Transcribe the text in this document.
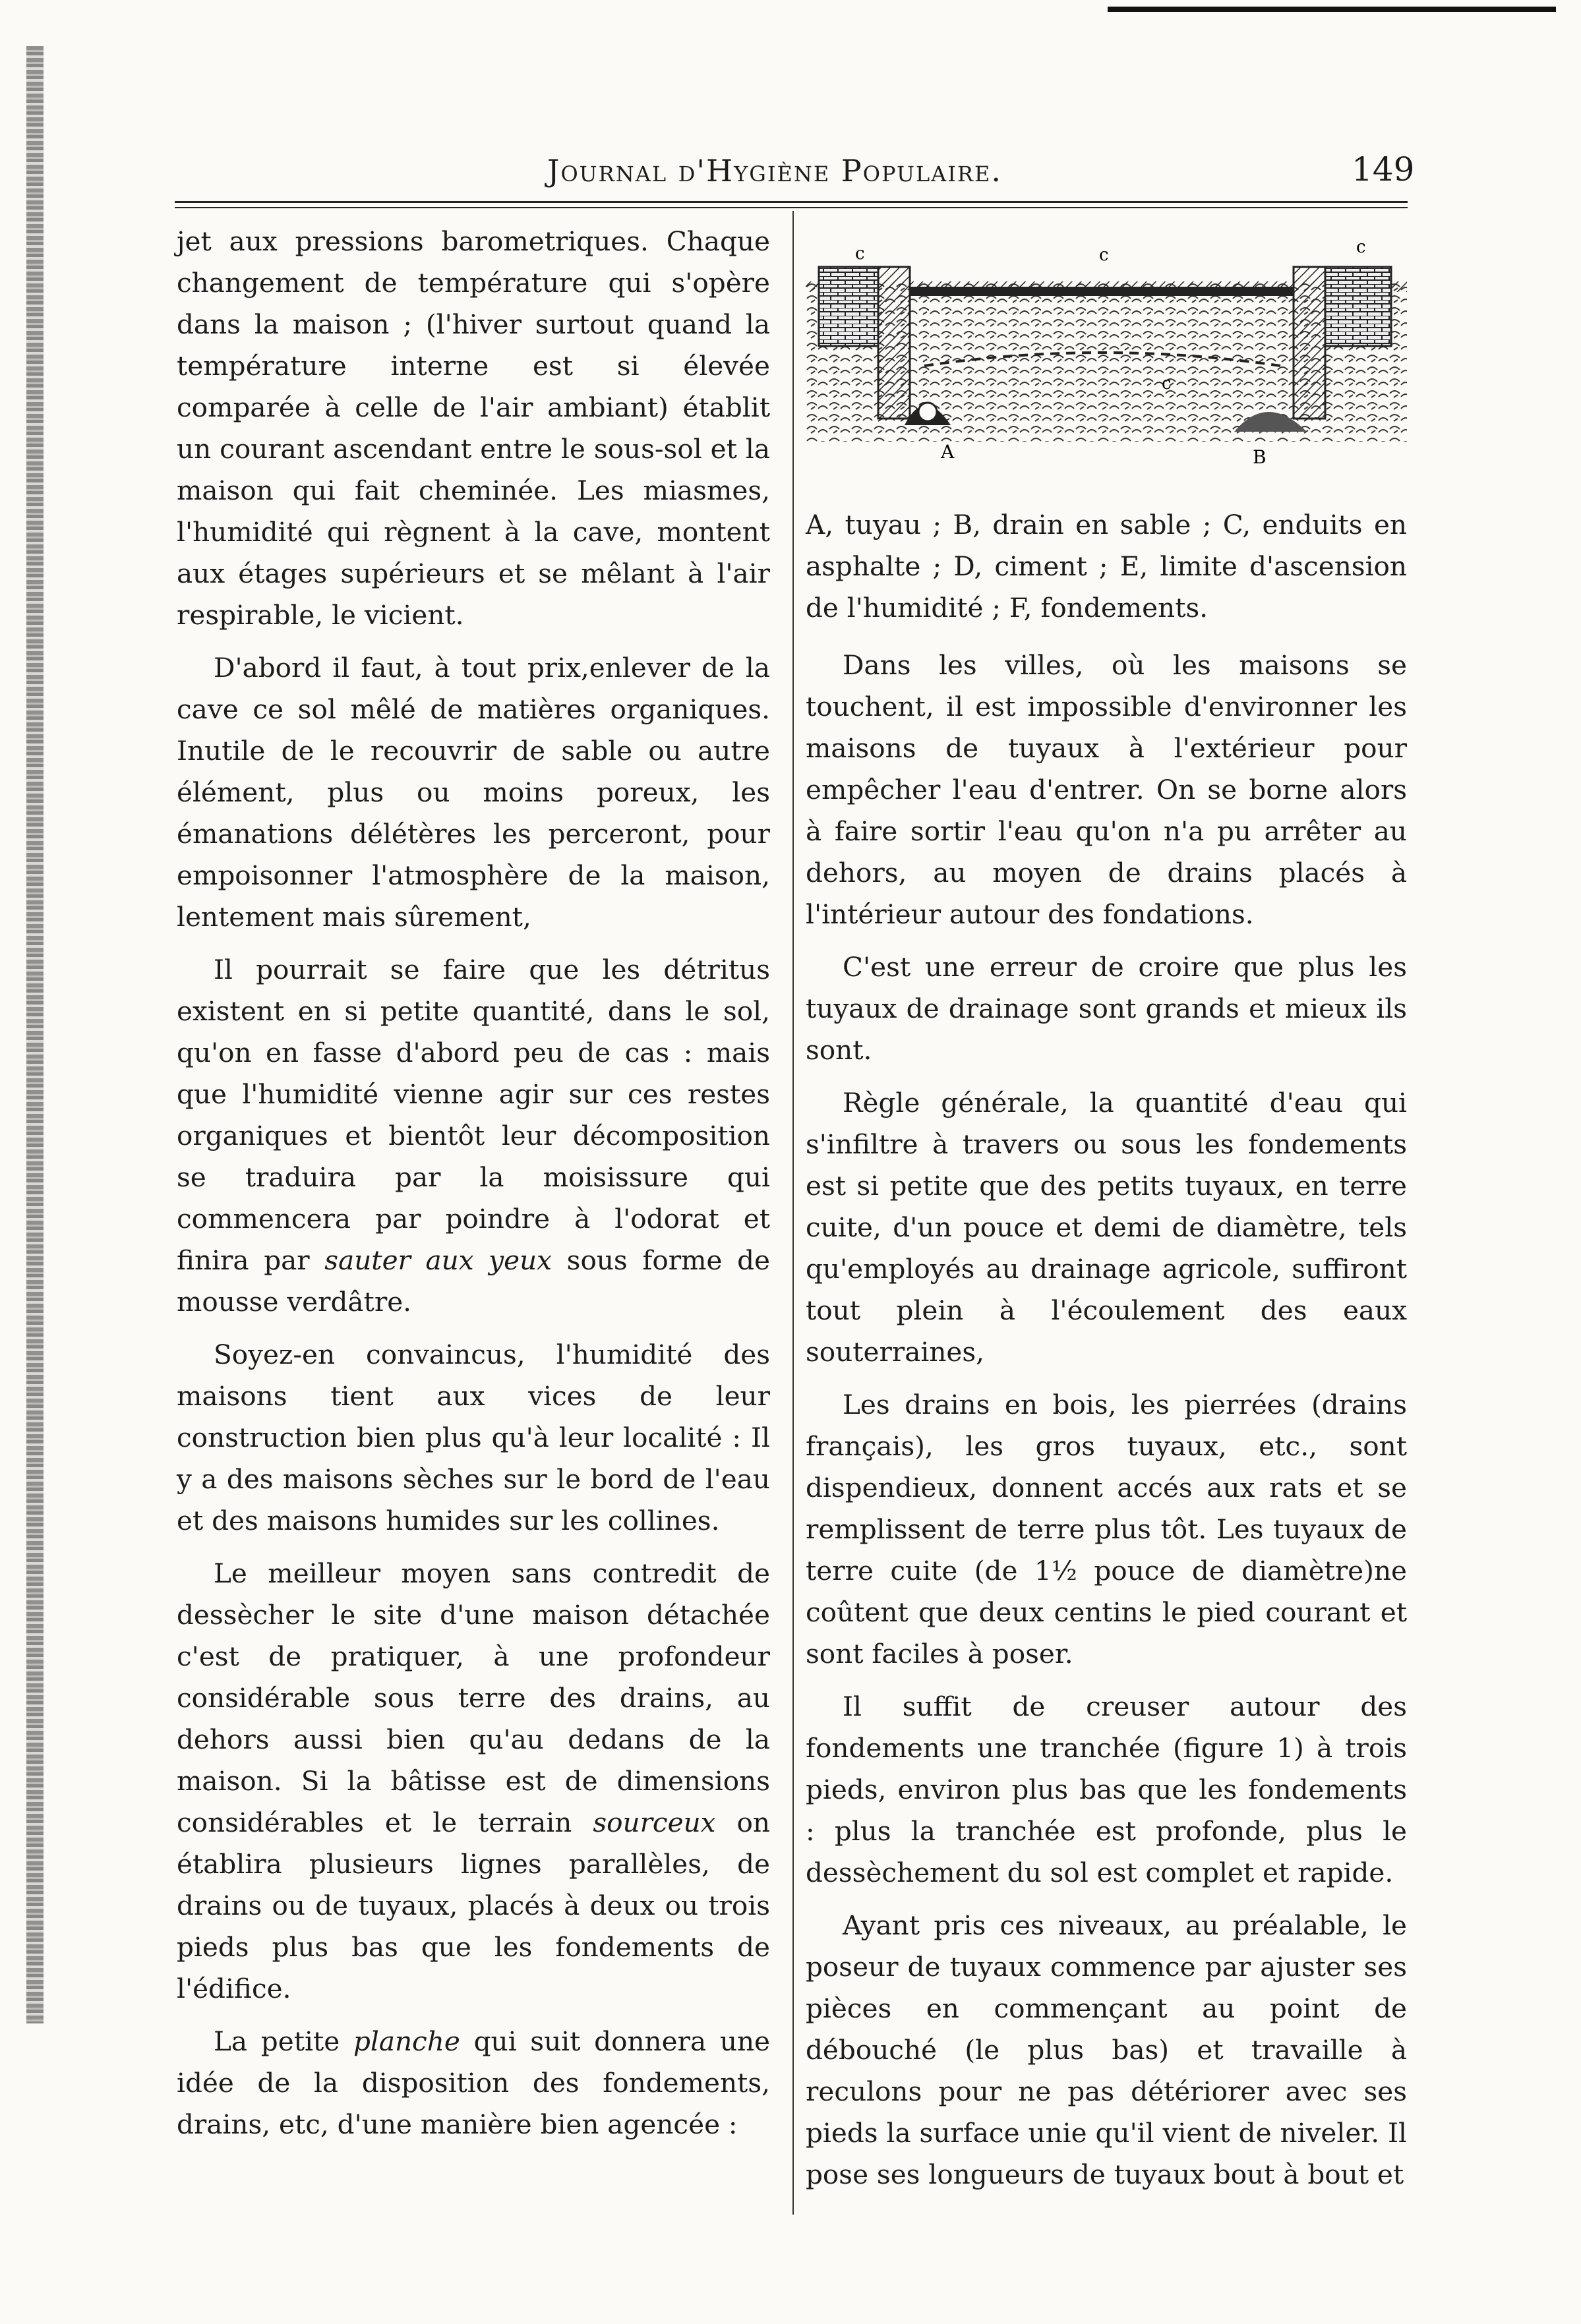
Journal d'Hygiène Populaire.	149

jet aux pressions barometriques. Chaque changement de température qui s'opère dans la maison ; (l'hiver surtout quand la température interne est si élevée comparée à celle de l'air ambiant) établit un courant ascendant entre le sous-sol et la maison qui fait cheminée. Les miasmes, l'humidité qui règnent à la cave, montent aux étages supérieurs et se mêlant à l'air respirable, le vicient.

D'abord il faut, à tout prix,enlever de la cave ce sol mêlé de matières organiques. Inutile de le recouvrir de sable ou autre élément, plus ou moins poreux, les émanations délétères les perceront, pour empoisonner l'atmosphère de la maison, lentement mais sûrement,

Il pourrait se faire que les détritus existent en si petite quantité, dans le sol, qu'on en fasse d'abord peu de cas : mais que l'humidité vienne agir sur ces restes organiques et bientôt leur décomposition se traduira par la moisissure qui commencera par poindre à l'odorat et finira par sauter aux yeux sous forme de mousse verdâtre.

Soyez-en convaincus, l'humidité des maisons tient aux vices de leur construction bien plus qu'à leur localité : Il y a des maisons sèches sur le bord de l'eau et des maisons humides sur les collines.

Le meilleur moyen sans contredit de dessècher le site d'une maison détachée c'est de pratiquer, à une profondeur considérable sous terre des drains, au dehors aussi bien qu'au dedans de la maison. Si la bâtisse est de dimensions considérables et le terrain sourceux on établira plusieurs lignes parallèles, de drains ou de tuyaux, placés à deux ou trois pieds plus bas que les fondements de l'édifice.

La petite planche qui suit donnera une idée de la disposition des fondements, drains, etc, d'une manière bien agencée :

c	c	c
c
A	B

A, tuyau ; B, drain en sable ; C, enduits en asphalte ; D, ciment ; E, limite d'ascension de l'humidité ; F, fondements.

Dans les villes, où les maisons se touchent, il est impossible d'environner les maisons de tuyaux à l'extérieur pour empêcher l'eau d'entrer. On se borne alors à faire sortir l'eau qu'on n'a pu arrêter au dehors, au moyen de drains placés à l'intérieur autour des fondations.

C'est une erreur de croire que plus les tuyaux de drainage sont grands et mieux ils sont.

Règle générale, la quantité d'eau qui s'infiltre à travers ou sous les fondements est si petite que des petits tuyaux, en terre cuite, d'un pouce et demi de diamètre, tels qu'employés au drainage agricole, suffiront tout plein à l'écoulement des eaux souterraines,

Les drains en bois, les pierrées (drains français), les gros tuyaux, etc., sont dispendieux, donnent accés aux rats et se remplissent de terre plus tôt. Les tuyaux de terre cuite (de 1½ pouce de diamètre)ne coûtent que deux centins le pied courant et sont faciles à poser.

Il suffit de creuser autour des fondements une tranchée (figure 1) à trois pieds, environ plus bas que les fondements : plus la tranchée est profonde, plus le dessèchement du sol est complet et rapide.

Ayant pris ces niveaux, au préalable, le poseur de tuyaux commence par ajuster ses pièces en commençant au point de débouché (le plus bas) et travaille à reculons pour ne pas détériorer avec ses pieds la surface unie qu'il vient de niveler. Il pose ses longueurs de tuyaux bout à bout et
